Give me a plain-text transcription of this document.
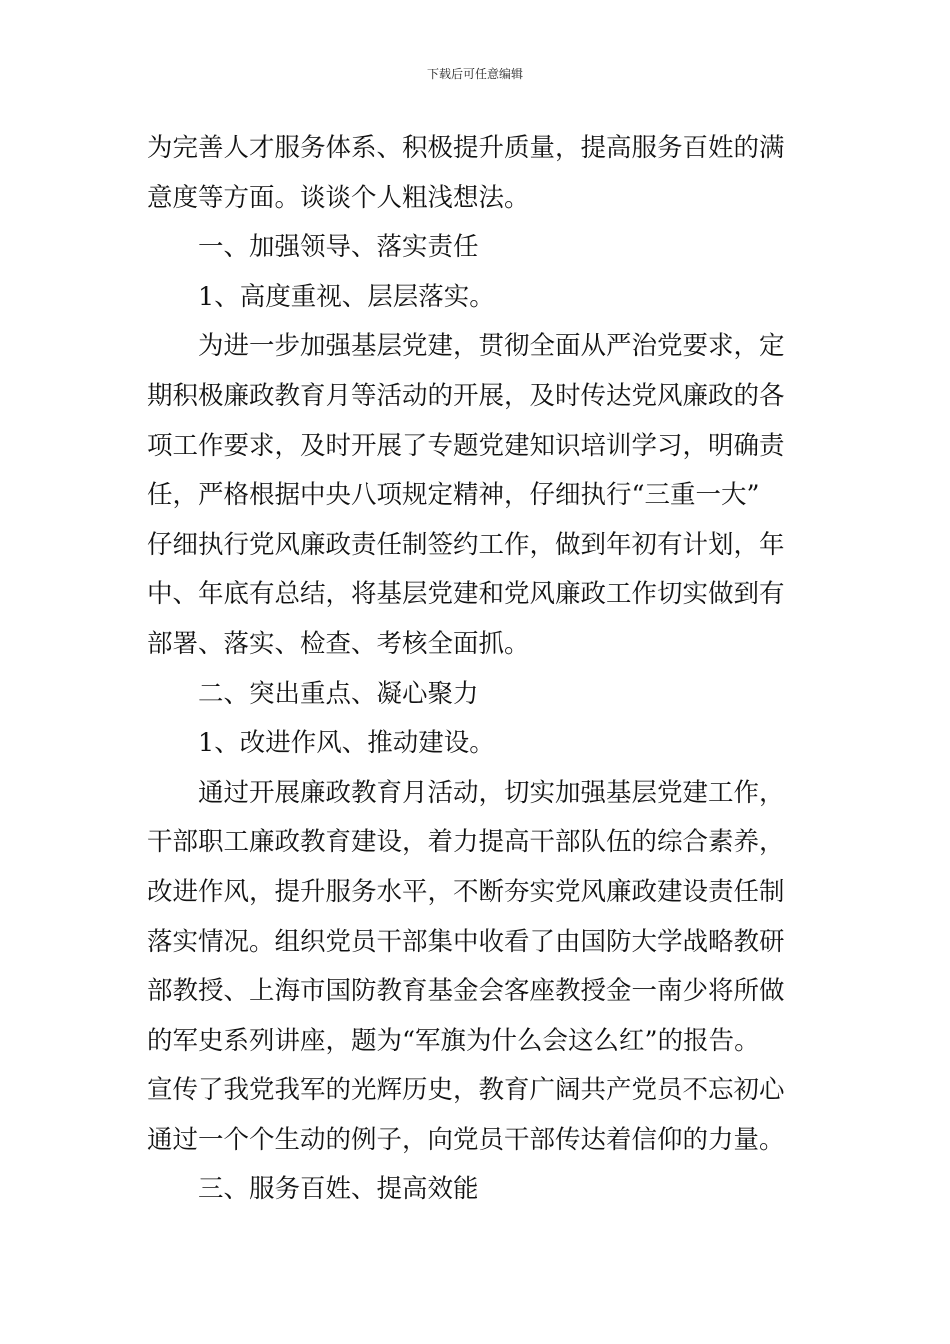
下载后可任意编辑
为完善人才服务体系、积极提升质量，提高服务百姓的满
意度等方面。谈谈个人粗浅想法。
一、加强领导、落实责任
1、高度重视、层层落实。
为进一步加强基层党建，贯彻全面从严治党要求，定
期积极廉政教育月等活动的开展，及时传达党风廉政的各
项工作要求，及时开展了专题党建知识培训学习，明确责
任，严格根据中央八项规定精神，仔细执行“三重一大”
仔细执行党风廉政责任制签约工作，做到年初有计划，年
中、年底有总结，将基层党建和党风廉政工作切实做到有
部署、落实、检查、考核全面抓。
二、突出重点、凝心聚力
1、改进作风、推动建设。
通过开展廉政教育月活动，切实加强基层党建工作，
干部职工廉政教育建设，着力提高干部队伍的综合素养，
改进作风，提升服务水平，不断夯实党风廉政建设责任制
落实情况。组织党员干部集中收看了由国防大学战略教研
部教授、上海市国防教育基金会客座教授金一南少将所做
的军史系列讲座，题为“军旗为什么会这么红”的报告。
宣传了我党我军的光辉历史，教育广阔共产党员不忘初心
通过一个个生动的例子，向党员干部传达着信仰的力量。
三、服务百姓、提高效能
